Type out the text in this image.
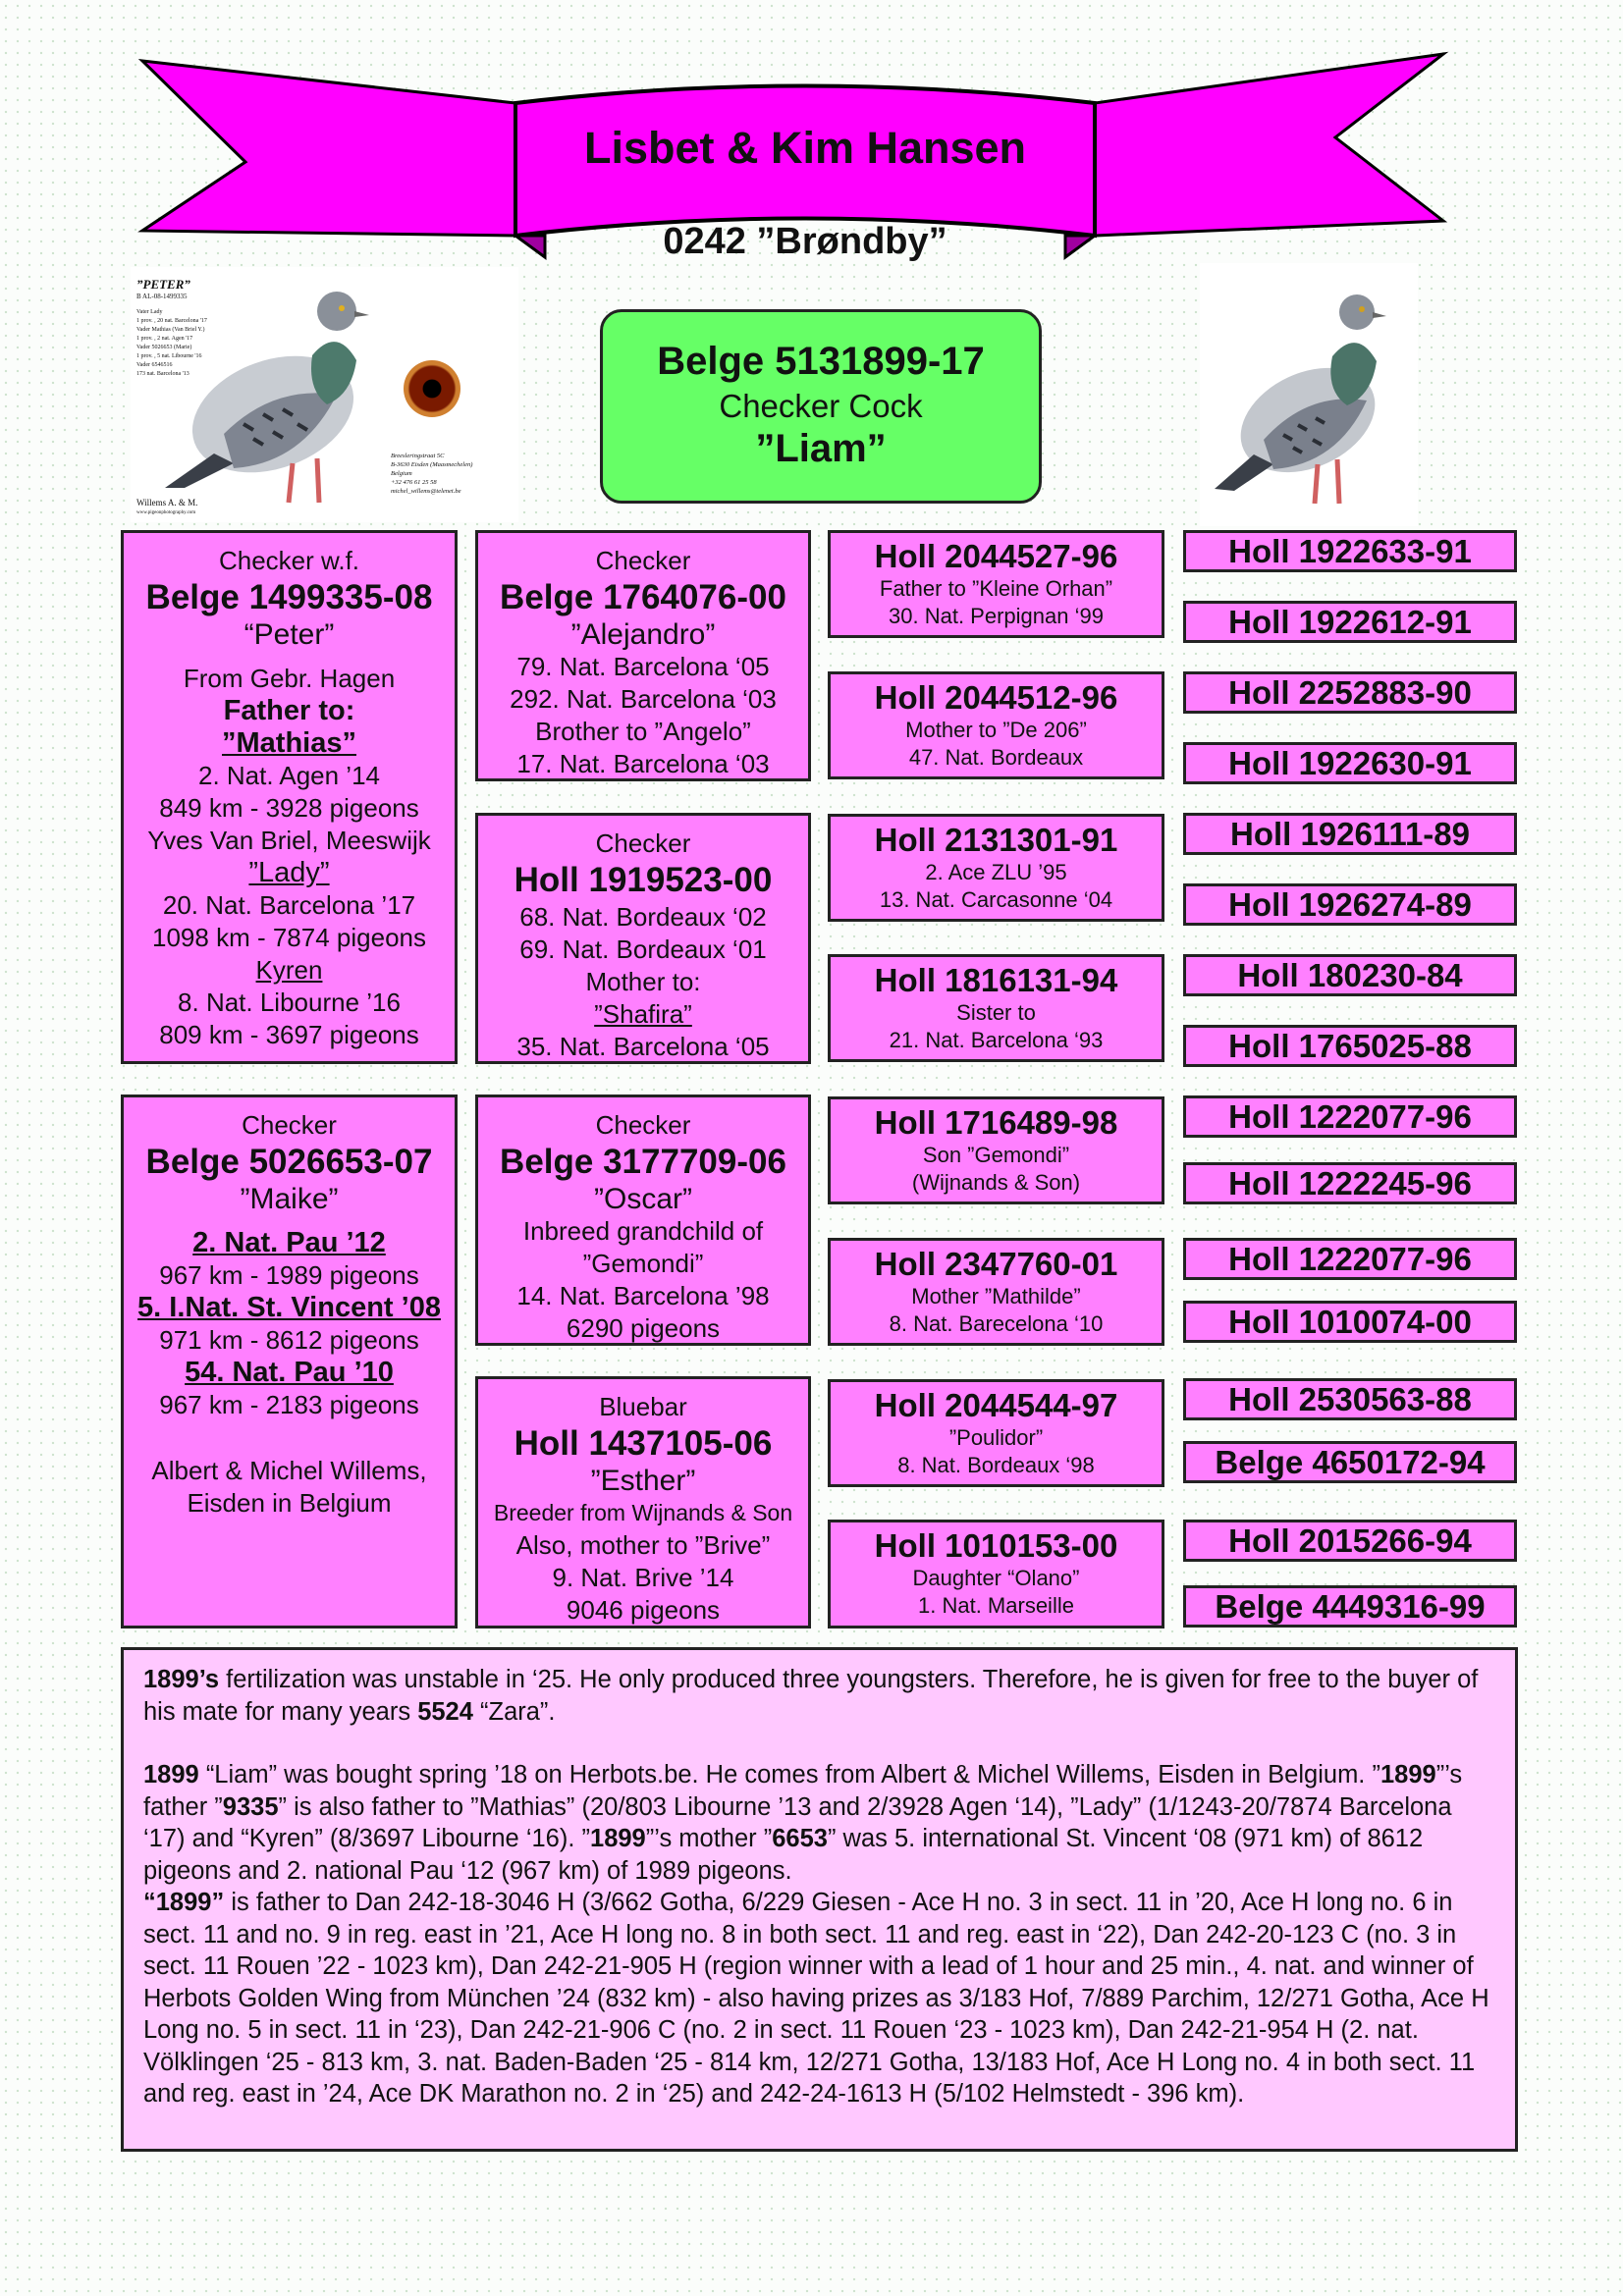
Lisbet & Kim Hansen
0242 ”Brøndby”
”PETER”
B AL-08-1499335
Vater Lady
1 prov. , 20 nat. Barcelona '17
Vader Mathias (Van Briel Y.)
1 prov. , 2 nat. Agen '17
Vader 5026653 (Marie)
1 prov. , 5 nat. Libourne '16
Vader 6546516
173 nat. Barcelona '13
Breesleringstraat 5C
B-3630 Eisden (Maasmechelen)
Belgium
+32 476 61 25 58
michel_willems@telenet.be
Willems A. & M.
www.pigeonphotography.com
Belge 5131899-17
Checker Cock
”Liam”
Checker w.f.
Belge 1499335-08
“Peter”
From Gebr. Hagen
Father to:
”Mathias”
2. Nat. Agen ’14
849 km - 3928 pigeons
Yves Van Briel, Meeswijk
”Lady”
20. Nat. Barcelona ’17
1098 km - 7874 pigeons
Kyren
8. Nat. Libourne ’16
809 km - 3697 pigeons
Checker
Belge 5026653-07
”Maike”
2. Nat. Pau ’12
967 km - 1989 pigeons
5. I.Nat. St. Vincent ’08
971 km - 8612 pigeons
54. Nat. Pau ’10
967 km - 2183 pigeons
Albert & Michel Willems,
Eisden in Belgium
Checker
Belge 1764076-00
”Alejandro”
79. Nat. Barcelona ‘05
292. Nat. Barcelona ‘03
Brother to ”Angelo”
17. Nat. Barcelona ‘03
Checker
Holl 1919523-00
68. Nat. Bordeaux ‘02
69. Nat. Bordeaux ‘01
Mother to:
”Shafira”
35. Nat. Barcelona ‘05
Checker
Belge 3177709-06
”Oscar”
Inbreed grandchild of
”Gemondi”
14. Nat. Barcelona ’98
6290 pigeons
Bluebar
Holl 1437105-06
”Esther”
Breeder from Wijnands & Son
Also, mother to ”Brive”
9. Nat. Brive ’14
9046 pigeons
Holl 2044527-96
Father to ”Kleine Orhan”
30. Nat. Perpignan ‘99
Holl 2044512-96
Mother to ”De 206”
47. Nat. Bordeaux
Holl 2131301-91
2. Ace ZLU ’95
13. Nat. Carcasonne ‘04
Holl 1816131-94
Sister to
21. Nat. Barcelona ‘93
Holl 1716489-98
Son ”Gemondi”
(Wijnands & Son)
Holl 2347760-01
Mother ”Mathilde”
8. Nat. Barecelona ‘10
Holl 2044544-97
”Poulidor”
8. Nat. Bordeaux ‘98
Holl 1010153-00
Daughter “Olano”
1. Nat. Marseille
Holl 1922633-91
Holl 1922612-91
Holl 2252883-90
Holl 1922630-91
Holl 1926111-89
Holl 1926274-89
Holl 180230-84
Holl 1765025-88
Holl 1222077-96
Holl 1222245-96
Holl 1222077-96
Holl 1010074-00
Holl 2530563-88
Belge 4650172-94
Holl 2015266-94
Belge 4449316-99

1899’s fertilization was unstable in ‘25. He only produced three youngsters. Therefore, he is given for free to the buyer of his mate for many years 5524 “Zara”.

1899 “Liam” was bought spring ’18 on Herbots.be. He comes from Albert & Michel Willems, Eisden in Belgium. ”1899”’s father ”9335” is also father to ”Mathias” (20/803 Libourne ’13 and 2/3928 Agen ‘14), ”Lady” (1/1243-20/7874 Barcelona ‘17) and “Kyren” (8/3697 Libourne ‘16). ”1899”’s mother ”6653” was 5. international St. Vincent ‘08 (971 km) of 8612 pigeons and 2. national Pau ‘12 (967 km) of 1989 pigeons.

“1899” is father to Dan 242-18-3046 H (3/662 Gotha, 6/229 Giesen - Ace H no. 3 in sect. 11 in ’20, Ace H long no. 6 in sect. 11 and no. 9 in reg. east in ’21, Ace H long no. 8 in both sect. 11 and reg. east in ‘22), Dan 242-20-123 C (no. 3 in sect. 11 Rouen ’22 - 1023 km), Dan 242-21-905 H (region winner with a lead of 1 hour and 25 min., 4. nat. and winner of Herbots Golden Wing from München ’24 (832 km) - also having prizes as 3/183 Hof, 7/889 Parchim, 12/271 Gotha, Ace H Long no. 5 in sect. 11 in ‘23), Dan 242-21-906 C (no. 2 in sect. 11 Rouen ‘23 - 1023 km), Dan 242-21-954 H (2. nat. Völklingen ‘25 - 813 km, 3. nat. Baden-Baden ‘25 - 814 km, 12/271 Gotha, 13/183 Hof, Ace H Long no. 4 in both sect. 11 and reg. east in ’24, Ace DK Marathon no. 2 in ‘25) and 242-24-1613 H (5/102 Helmstedt - 396 km).
